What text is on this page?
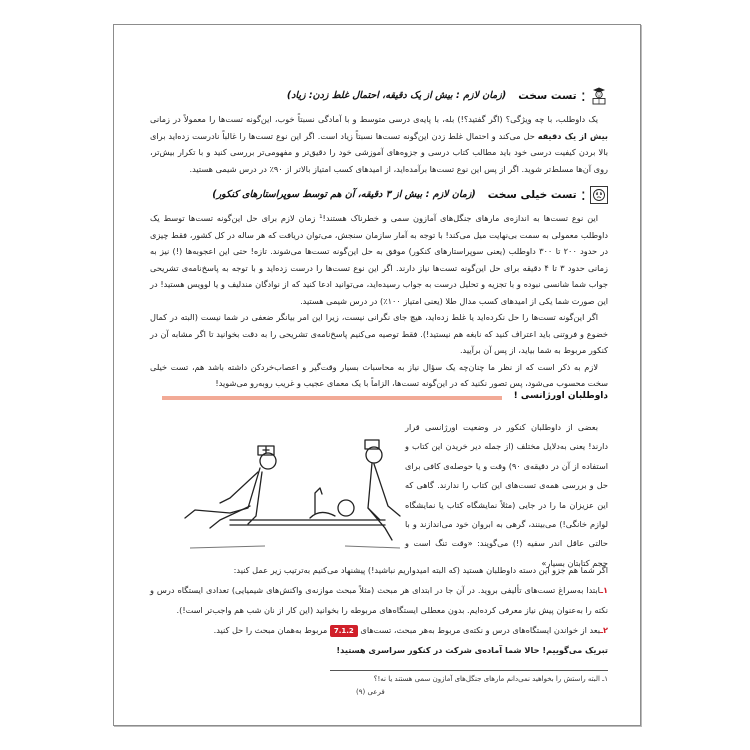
:
تست سخت
(زمان لازم : بیش از یک دقیقه، احتمال غلط زدن: زیاد)

یک داوطلب، با چه ویژگی؟ (اگر گفتید؟!) بله، با پایه‌ی درسی متوسط و با آمادگی نسبتاً خوب، این‌گونه تست‌ها را معمولاً در زمانی بیش از یک دقیقه حل می‌کند و احتمال غلط زدن این‌گونه تست‌ها نسبتاً زیاد است. اگر این نوع تست‌ها را غالباً نادرست زده‌اید برای بالا بردن کیفیت درسی خود باید مطالب کتاب درسی و جزوه‌های آموزشی خود را دقیق‌تر و مفهومی‌تر بررسی کنید و با تکرار بیش‌تر، روی آن‌ها مسلط‌تر شوید. اگر از پس این نوع تست‌ها برآمده‌اید، از امیدهای کسب امتیاز بالاتر از ۹۰٪ در درس شیمی هستید.

:
تست خیلی سخت
(زمان لازم : بیش از ۳ دقیقه، آن هم توسط سوپراستارهای کنکور)

این نوع تست‌ها به اندازه‌ی مارهای جنگل‌های آمازون سمی و خطرناک هستند!¹ زمان لازم برای حل این‌گونه تست‌ها توسط یک داوطلب معمولی به سمت بی‌نهایت میل می‌کند! با توجه به آمار سازمان سنجش، می‌توان دریافت که هر ساله در کل کشور، فقط چیزی در حدود ۲۰۰ تا ۳۰۰ داوطلب (یعنی سوپراستارهای کنکور) موفق به حل این‌گونه تست‌ها می‌شوند. تازه! حتی این اعجوبه‌ها (!) نیز به زمانی حدود ۳ تا ۴ دقیقه برای حل این‌گونه تست‌ها نیاز دارند. اگر این نوع تست‌ها را درست زده‌اید و با توجه به پاسخ‌نامه‌ی تشریحی جواب شما شانسی نبوده و با تجزیه و تحلیل درست به جواب رسیده‌اید، می‌توانید ادعا کنید که از نوادگان مندلیف و یا لوویس هستید! در این صورت شما یکی از امیدهای کسب مدال طلا (یعنی امتیاز ۱۰۰٪) در درس شیمی هستید.

اگر این‌گونه تست‌ها را حل نکرده‌اید یا غلط زده‌اید، هیچ جای نگرانی نیست، زیرا این امر بیانگر ضعفی در شما نیست (البته در کمال خضوع و فروتنی باید اعتراف کنید که نابغه هم نیستید!). فقط توصیه می‌کنیم پاسخ‌نامه‌ی تشریحی را به دقت بخوانید تا اگر مشابه آن در کنکور مربوط به شما بیاید، از پس آن برآیید.

لازم به ذکر است که از نظر ما چنان‌چه یک سؤال نیاز به محاسبات بسیار وقت‌گیر و اعصاب‌خردکن داشته باشد هم، تست خیلی سخت محسوب می‌شود، پس تصور نکنید که در این‌گونه تست‌ها، الزاماً با یک معمای عجیب و غریب روبه‌رو می‌شوید!

داوطلبان اورژانسی !

بعضی از داوطلبان کنکور در وضعیت اورژانسی قرار دارند! یعنی به‌دلایل مختلف (از جمله دیر خریدن این کتاب و استفاده از آن در دقیقه‌ی ۹۰) وقت و یا حوصله‌ی کافی برای حل و بررسی همه‌ی تست‌های این کتاب را ندارند. گاهی که این عزیزان ما را در جایی (مثلاً نمایشگاه کتاب یا نمایشگاه لوازم خانگی!) می‌بینند، گرهی به ابروان خود می‌اندازند و با حالتی عاقل اندر سفیه (!) می‌گویند: «وقت تنگ است و حجم کتابتان بسیار»

اگر شما هم جزو این دسته داوطلبان هستید (که البته امیدواریم نباشید!) پیشنهاد می‌کنیم به‌ترتیب زیر عمل کنید:

۱ـابتدا به‌سراغ تست‌های تألیفی بروید. در آن جا در ابتدای هر مبحث (مثلاً مبحث موازنه‌ی واکنش‌های شیمیایی) تعدادی ایستگاه درس و نکته را به‌عنوان پیش نیاز معرفی کرده‌ایم. بدون معطلی ایستگاه‌های مربوطه را بخوانید (این کار از نان شب هم واجب‌تر است!).

۲ـبعد از خواندن ایستگاه‌های درس و نکته‌ی مربوط به‌هر مبحث، تست‌های 7.1.2 مربوط به‌همان مبحث را حل کنید.

تبریک می‌گوییم! حالا شما آماده‌ی شرکت در کنکور سراسری هستید!

۱ـ البته راستش را بخواهید نمی‌دانم مارهای جنگل‌های آمازون سمی هستند یا نه!؟
فرعی (۹)
